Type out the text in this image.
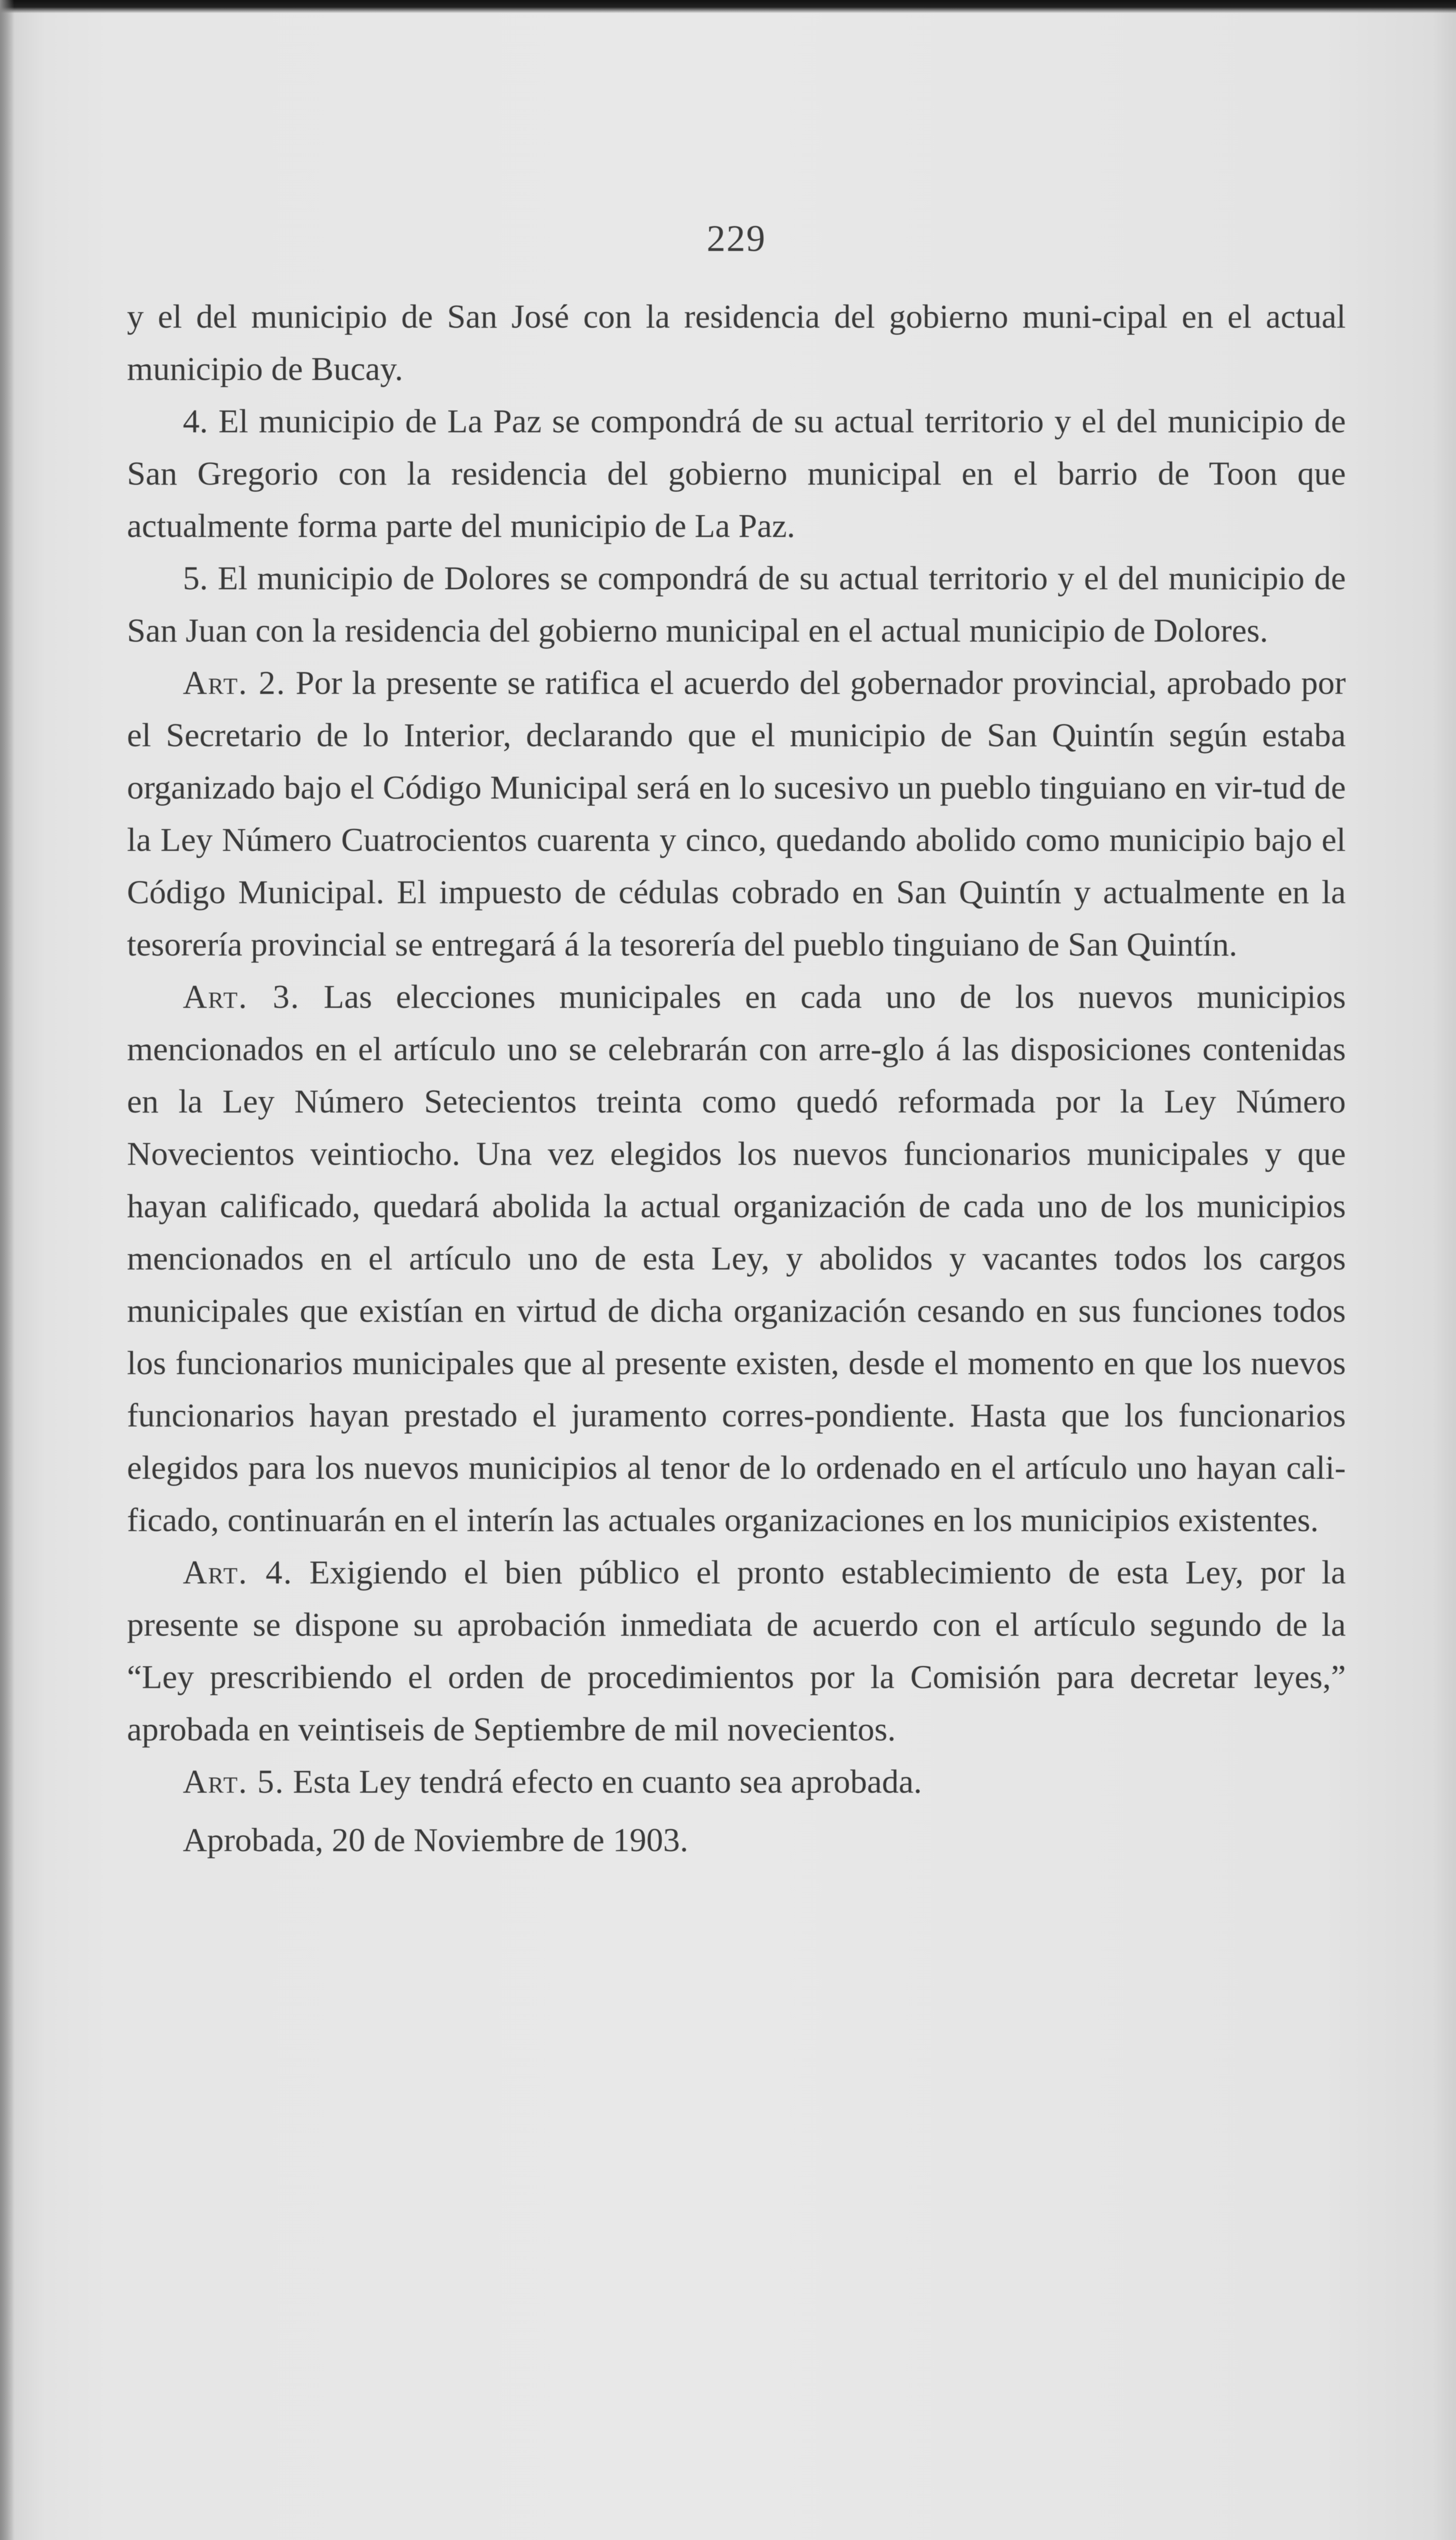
229

y el del municipio de San José con la residencia del gobierno muni-cipal en el actual municipio de Bucay.

4. El municipio de La Paz se compondrá de su actual territorio y el del municipio de San Gregorio con la residencia del gobierno municipal en el barrio de Toon que actualmente forma parte del municipio de La Paz.

5. El municipio de Dolores se compondrá de su actual territorio y el del municipio de San Juan con la residencia del gobierno municipal en el actual municipio de Dolores.

Art. 2. Por la presente se ratifica el acuerdo del gobernador provincial, aprobado por el Secretario de lo Interior, declarando que el municipio de San Quintín según estaba organizado bajo el Código Municipal será en lo sucesivo un pueblo tinguiano en vir-tud de la Ley Número Cuatrocientos cuarenta y cinco, quedando abolido como municipio bajo el Código Municipal. El impuesto de cédulas cobrado en San Quintín y actualmente en la tesorería provincial se entregará á la tesorería del pueblo tinguiano de San Quintín.

Art. 3. Las elecciones municipales en cada uno de los nuevos municipios mencionados en el artículo uno se celebrarán con arre-glo á las disposiciones contenidas en la Ley Número Setecientos treinta como quedó reformada por la Ley Número Novecientos veintiocho. Una vez elegidos los nuevos funcionarios municipales y que hayan calificado, quedará abolida la actual organización de cada uno de los municipios mencionados en el artículo uno de esta Ley, y abolidos y vacantes todos los cargos municipales que existían en virtud de dicha organización cesando en sus funciones todos los funcionarios municipales que al presente existen, desde el momento en que los nuevos funcionarios hayan prestado el juramento corres-pondiente. Hasta que los funcionarios elegidos para los nuevos municipios al tenor de lo ordenado en el artículo uno hayan cali-ficado, continuarán en el interín las actuales organizaciones en los municipios existentes.

Art. 4. Exigiendo el bien público el pronto establecimiento de esta Ley, por la presente se dispone su aprobación inmediata de acuerdo con el artículo segundo de la “Ley prescribiendo el orden de procedimientos por la Comisión para decretar leyes,” aprobada en veintiseis de Septiembre de mil novecientos.

Art. 5. Esta Ley tendrá efecto en cuanto sea aprobada.

Aprobada, 20 de Noviembre de 1903.
